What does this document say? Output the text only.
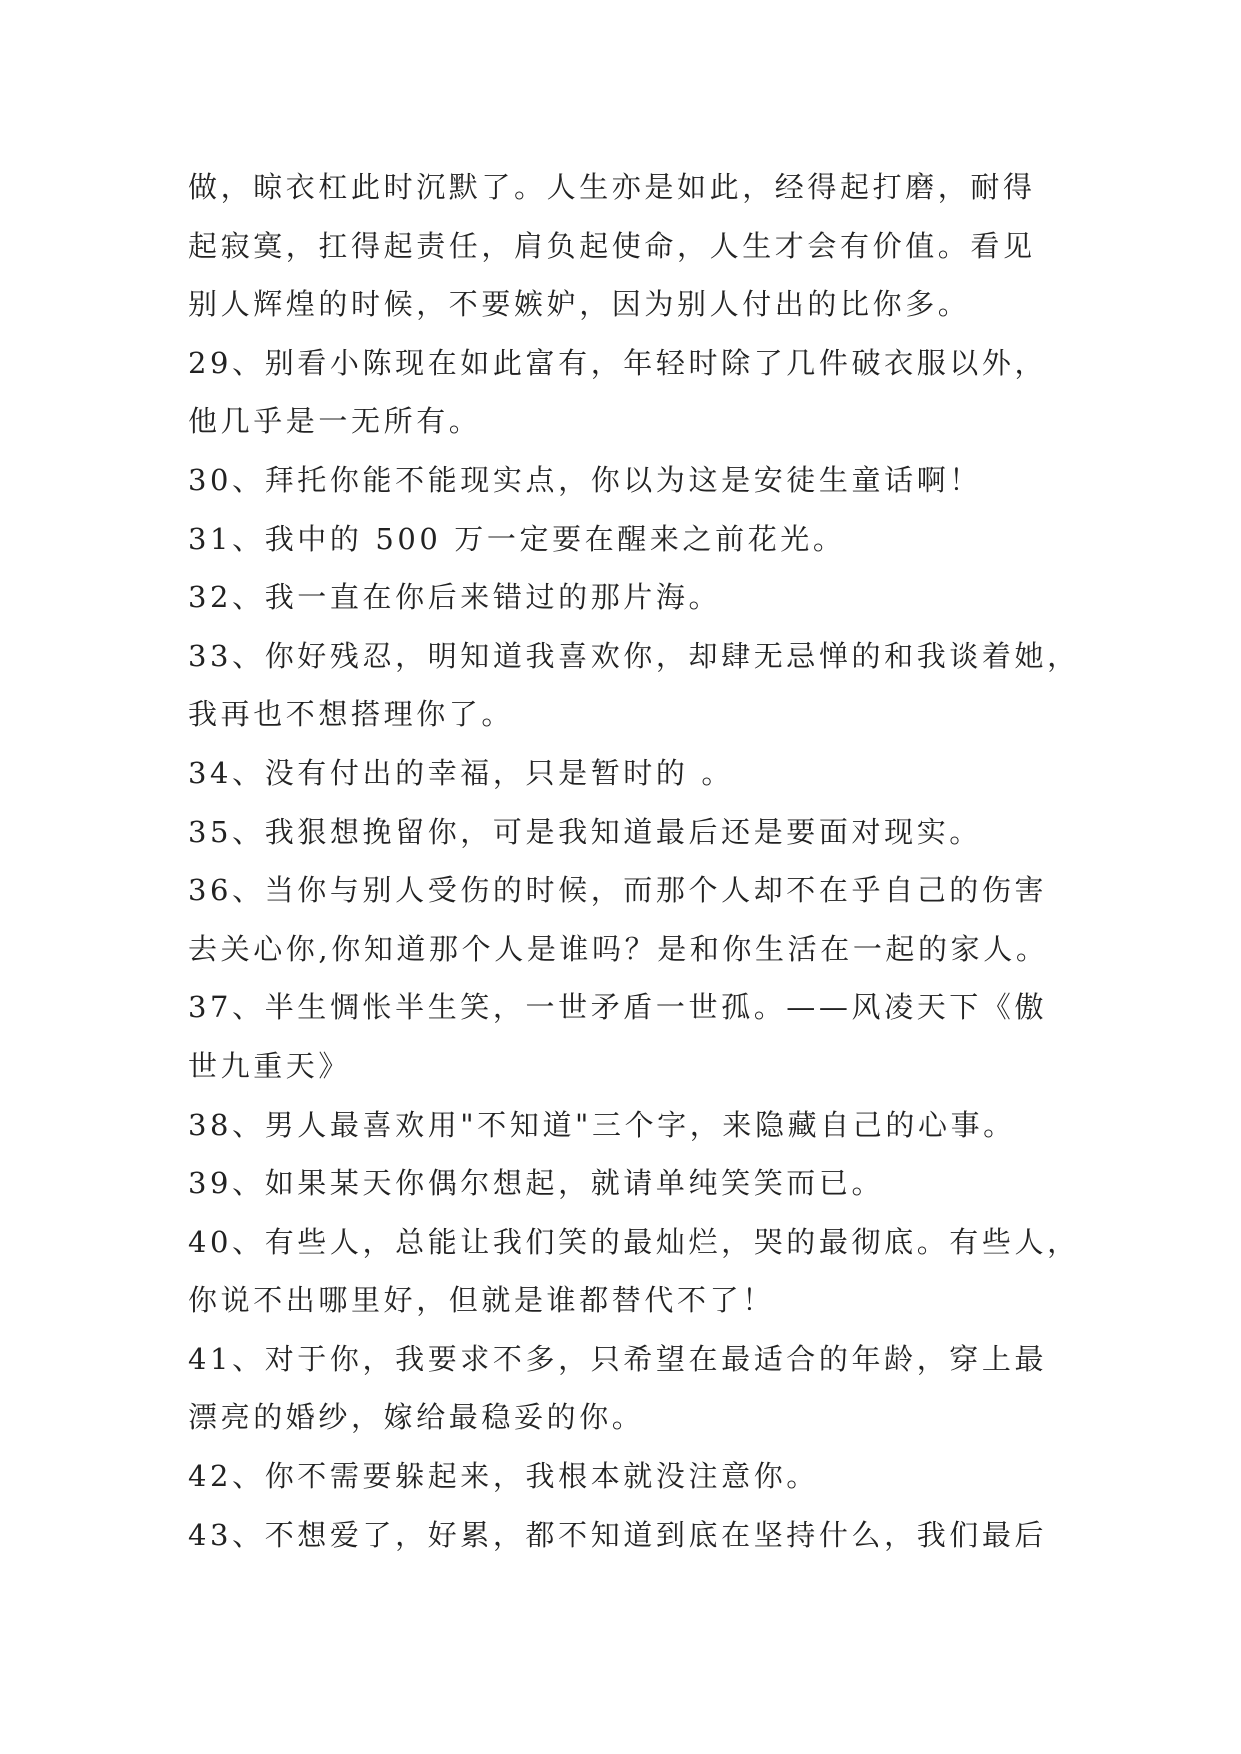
做，晾衣杠此时沉默了。人生亦是如此，经得起打磨，耐得
起寂寞，扛得起责任，肩负起使命，人生才会有价值。看见
别人辉煌的时候，不要嫉妒，因为别人付出的比你多。
29、别看小陈现在如此富有，年轻时除了几件破衣服以外，
他几乎是一无所有。
30、拜托你能不能现实点，你以为这是安徒生童话啊！
31、我中的 500 万一定要在醒来之前花光。
32、我一直在你后来错过的那片海。
33、你好残忍，明知道我喜欢你，却肆无忌惮的和我谈着她，
我再也不想搭理你了。
34、没有付出的幸福，只是暂时的 。
35、我狠想挽留你，可是我知道最后还是要面对现实。
36、当你与别人受伤的时候，而那个人却不在乎自己的伤害
去关心你,你知道那个人是谁吗？是和你生活在一起的家人。
37、半生惆怅半生笑，一世矛盾一世孤。——风凌天下《傲
世九重天》
38、男人最喜欢用"不知道"三个字，来隐藏自己的心事。
39、如果某天你偶尔想起，就请单纯笑笑而已。
40、有些人，总能让我们笑的最灿烂，哭的最彻底。有些人，
你说不出哪里好，但就是谁都替代不了！
41、对于你，我要求不多，只希望在最适合的年龄，穿上最
漂亮的婚纱，嫁给最稳妥的你。
42、你不需要躲起来，我根本就没注意你。
43、不想爱了，好累，都不知道到底在坚持什么，我们最后
